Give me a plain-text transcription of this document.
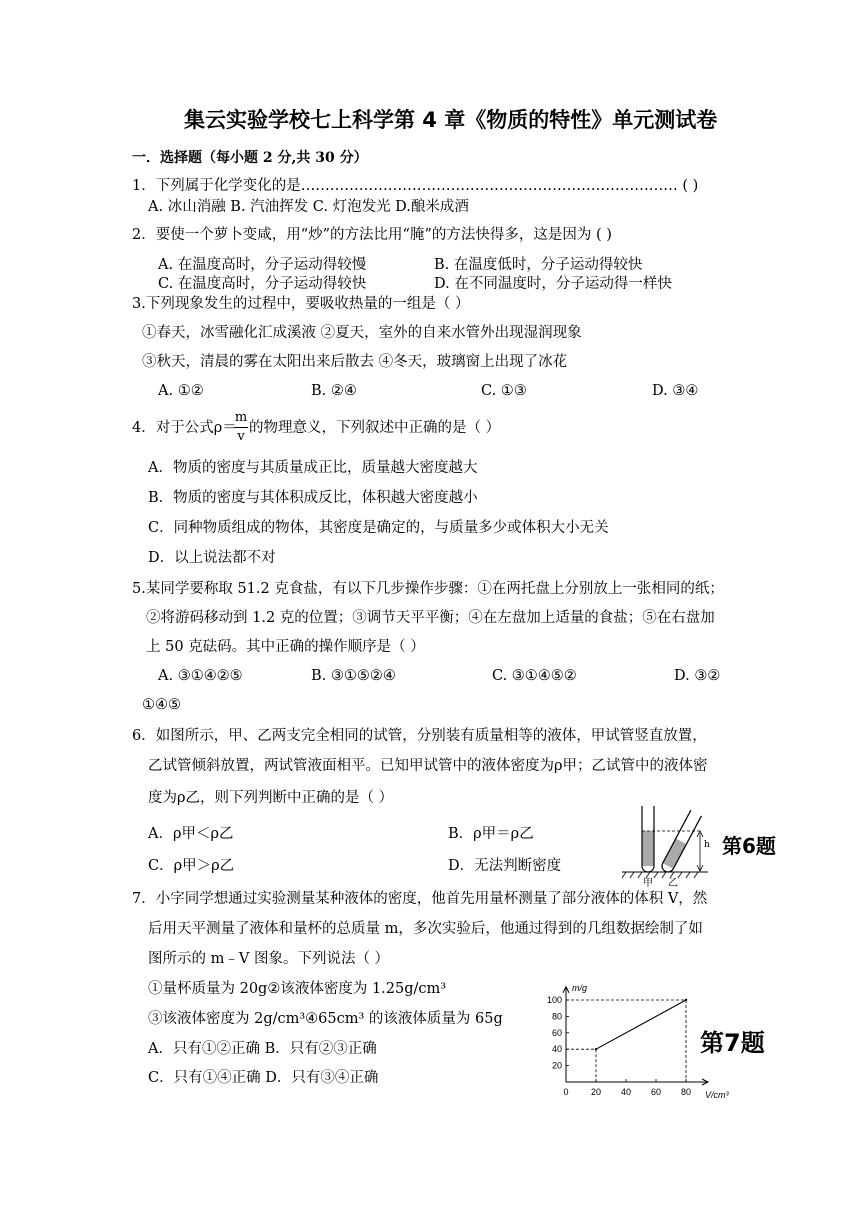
集云实验学校七上科学第 4 章《物质的特性》单元测试卷
一．选择题（每小题 2 分,共 30 分）
1．下列属于化学变化的是…………………………………………………………………… ( )
A. 冰山消融 B. 汽油挥发 C. 灯泡发光 D.酿米成酒
2．要使一个萝卜变咸，用“炒”的方法比用“腌”的方法快得多，这是因为 ( )
A. 在温度高时，分子运动得较慢	B. 在温度低时，分子运动得较快
C. 在温度高时，分子运动得较快	D. 在不同温度时，分子运动得一样快
3.下列现象发生的过程中，要吸收热量的一组是（ ）
①春天，冰雪融化汇成溪液 ②夏天，室外的自来水管外出现湿润现象
③秋天，清晨的雾在太阳出来后散去 ④冬天，玻璃窗上出现了冰花
A. ①②	B. ②④	C. ①③	D. ③④
4．对于公式ρ＝
m
v
的物理意义，下列叙述中正确的是（ ）
A．物质的密度与其质量成正比，质量越大密度越大
B．物质的密度与其体积成反比，体积越大密度越小
C．同种物质组成的物体，其密度是确定的，与质量多少或体积大小无关
D．以上说法都不对
5.某同学要称取 51.2 克食盐，有以下几步操作步骤：①在两托盘上分别放上一张相同的纸；
②将游码移动到 1.2 克的位置；③调节天平平衡；④在左盘加上适量的食盐；⑤在右盘加
上 50 克砝码。其中正确的操作顺序是（ ）
A. ③①④②⑤	B. ③①⑤②④	C. ③①④⑤②	D. ③②
①④⑤
6．如图所示，甲、乙两支完全相同的试管，分别装有质量相等的液体，甲试管竖直放置，
乙试管倾斜放置，两试管液面相平。已知甲试管中的液体密度为ρ甲；乙试管中的液体密
度为ρ乙，则下列判断中正确的是（ ）
A．ρ甲＜ρ乙	B．ρ甲＝ρ乙
C．ρ甲＞ρ乙	D．无法判断密度
h
甲 乙
第6题
7．小字同学想通过实验测量某种液体的密度，他首先用量杯测量了部分液体的体积 V，然
后用天平测量了液体和量杯的总质量 m，多次实验后，他通过得到的几组数据绘制了如
图所示的 m﹣V 图象。下列说法（ ）
①量杯质量为 20g②该液体密度为 1.25g/cm³
③该液体密度为 2g/cm³④65cm³ 的该液体质量为 65g
A．只有①②正确 B．只有②③正确
C．只有①④正确 D．只有③④正确
第7题
20
40
60
80
100
0 20 40 60 80
m/g
V/cm³
